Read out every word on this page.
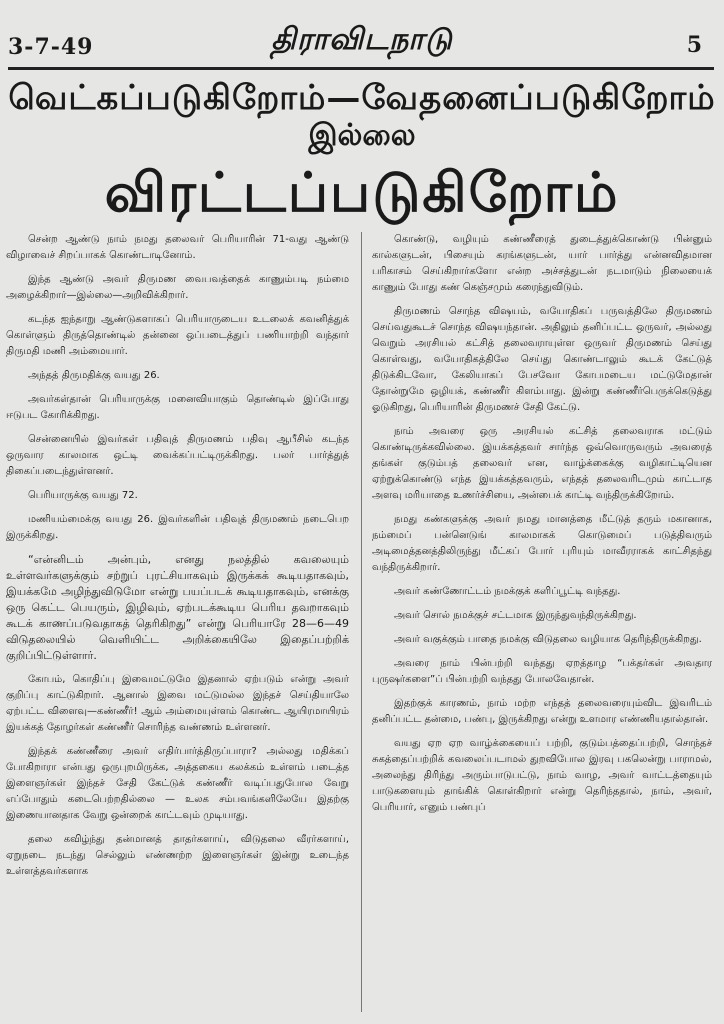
3-7-49	திராவிடநாடு	5
வெட்கப்படுகிறோம்—வேதனைப்படுகிறோம்
இல்லை
விரட்டப்படுகிறோம்

சென்ற ஆண்டு நாம் நமது தலைவர் பெரியாரின் 71-வது ஆண்டு விழாவைச் சிறப்பாகக் கொண்டாடினோம்.

இந்த ஆண்டு அவர் திருமண வைபவத்தைக் காணும்படி நம்மை அழைக்கிறார்—இல்லை—அறிவிக்கிறார்.

கடந்த ஐந்தாறு ஆண்டுகளாகப் பெரியாருடைய உடலைக் கவனித்துக் கொள்ளும் திருத்தொண்டில் தன்னை ஒப்படைத்துப் பணியாற்றி வந்தார் திருமதி மணி அம்மையார்.

அந்தத் திருமதிக்கு வயது 26.

அவர்கள்தான் பெரியாருக்கு மனைவியாகும் தொண்டில் இப்போது ஈடுபட கோரிக்கிறது.

சென்னையில் இவர்கள் பதிவுத் திருமணம் பதிவு ஆபீசில் கடந்த ஒருவார காலமாக ஒட்டி வைக்கப்பட்டிருக்கிறது. பலர் பார்த்துத் திகைப்படைந்துள்ளனர்.

பெரியாருக்கு வயது 72.

மணியம்மைக்கு வயது 26. இவர்களின் பதிவுத் திருமணம் நடைபெற இருக்கிறது.

“என்னிடம் அன்பும், எனது நலத்தில் கவலையும் உள்ளவர்களுக்கும் சற்றுப் புரட்சியாகவும் இருக்கக் கூடியதாகவும், இயக்கமே அழிந்துவிடுமோ என்று பயப்படக் கூடியதாகவும், எனக்கு ஒரு கெட்ட பெயரும், இழிவும், ஏற்படக்கூடிய பெரிய தவறாகவும் கூடக் காணப்படுவதாகத் தெரிகிறது” என்று பெரியாரே 28—6—49 விடுதலையில் வெளியிட்ட அறிக்கையிலே இதைப்பற்றிக் குறிப்பிட்டுள்ளார்.

கோபம், கொதிப்பு இவைமட்டுமே இதனால் ஏற்படும் என்று அவர் குறிப்பு காட்டுகிறார். ஆனால் இவை மட்டுமல்ல இந்தச் செய்தியாலே ஏற்பட்ட விளைவு—கண்ணீர்! ஆம் அம்மையுள்ளம் கொண்ட ஆயிரமாயிரம் இயக்கத் தோழர்கள் கண்ணீர் சொரிந்த வண்ணம் உள்ளனர்.

இந்தக் கண்ணீரை அவர் எதிர்பார்த்திருப்பாரா? அல்லது மதிக்கப் போகிறாரா என்பது ஒருபுறமிருக்க, அத்தகைய கலக்கம் உள்ளம் படைத்த இளைஞர்கள் இந்தச் சேதி கேட்டுக் கண்ணீர் வடிப்பதுபோல வேறு எப்போதும் கடைபெற்றதில்லை — உலக சம்பவங்களிலேயே இதற்கு இணையானதாக வேறு ஒன்றைக் காட்டவும் முடியாது.

தலை கவிழ்ந்து தன்மானத் தாதர்களாய், விடுதலை வீரர்களாய், ஏறுநடை நடந்து செல்லும் எண்ணற்ற இளைஞர்கள் இன்று உடைந்த உள்ளத்தவர்களாக

கொண்டு, வழியும் கண்ணீரைத் துடைத்துக்கொண்டு பின்னும் கால்களுடன், பிசையும் கரங்களுடன், யார் பார்த்து என்னவிதமான பரிகாசம் செய்கிறார்களோ என்ற அச்சத்துடன் நடமாடும் நிலையைக் காணும் போது கண் கெஞ்சமும் கரைந்துவிடும்.

திருமணம் சொந்த விஷயம், வயோதிகப் பருவத்திலே திருமணம் செய்வதுகூடச் சொந்த விஷயந்தான். அதிலும் தனிப்பட்ட ஒருவர், அல்லது வெறும் அரசியல் கட்சித் தலைவராயுள்ள ஒருவர் திருமணம் செய்து கொள்வது, வயோதிகத்திலே செய்து கொண்டாலும் கூடக் கேட்டுத் திடுக்கிடவோ, கேலியாகப் பேசவோ கோபமடைய மட்டுமேதான் தோன்றுமே ஒழியக், கண்ணீர் கிளம்பாது. இன்று கண்ணீர்பெருக்கெடுத்து ஓடுகிறது, பெரியாரின் திருமணச் சேதி கேட்டு.

நாம் அவரை ஒரு அரசியல் கட்சித் தலைவராக மட்டும் கொண்டிருக்கவில்லை. இயக்கத்தவர் சார்ந்த ஒவ்வொருவரும் அவரைத் தங்கள் குடும்பத் தலைவர் என, வாழ்க்கைக்கு வழிகாட்டியென ஏற்றுக்கொண்டு எந்த இயக்கத்தவரும், எந்தத் தலைவரிடமும் காட்டாத அளவு மரியாதை உணர்ச்சியை, அன்பைக் காட்டி வந்திருக்கிறோம்.

நமது கண்களுக்கு அவர் நமது மானத்தை மீட்டுத் தரும் மகானாக, நம்மைப் பன்னெடுங் காலமாகக் கொடுமைப் படுத்திவரும் அடிமைத்தனத்திலிருந்து மீட்கப் போர் புரியும் மாவீரராகக் காட்சிதந்து வந்திருக்கிறார்.

அவர் கண்ணோட்டம் நமக்குக் களிப்பூட்டி வந்தது.

அவர் சொல் நமக்குச் சட்டமாக இருந்துவந்திருக்கிறது.

அவர் வகுக்கும் பாதை நமக்கு விடுதலை வழியாக தெரிந்திருக்கிறது.

அவரை நாம் பின்பற்றி வந்தது ஏறத்தாழ “பக்தர்கள் அவதார புருஷர்களை”ப் பின்பற்றி வந்தது போலவேதான்.

இதற்குக் காரணம், நாம் மற்ற எந்தத் தலைவரையும்விட இவரிடம் தனிப்பட்ட தன்மை, பண்பு, இருக்கிறது என்று உளமார எண்ணியதால்தான்.

வயது ஏற ஏற வாழ்க்கையைப் பற்றி, குடும்பத்தைப்பற்றி, சொந்தச் சுகத்தைப்பற்றிக் கவலைப்படாமல் துறவிபோல இரவு பகலென்று பாராமல், அலைந்து திரிந்து அரும்பாடுபட்டு, நாம் வாழ, அவர் வாட்டத்தையும் பாடுகளையும் தாங்கிக் கொள்கிறார் என்று தெரிந்ததால், நாம், அவர், பெரியார், எனும் பண்புப்
